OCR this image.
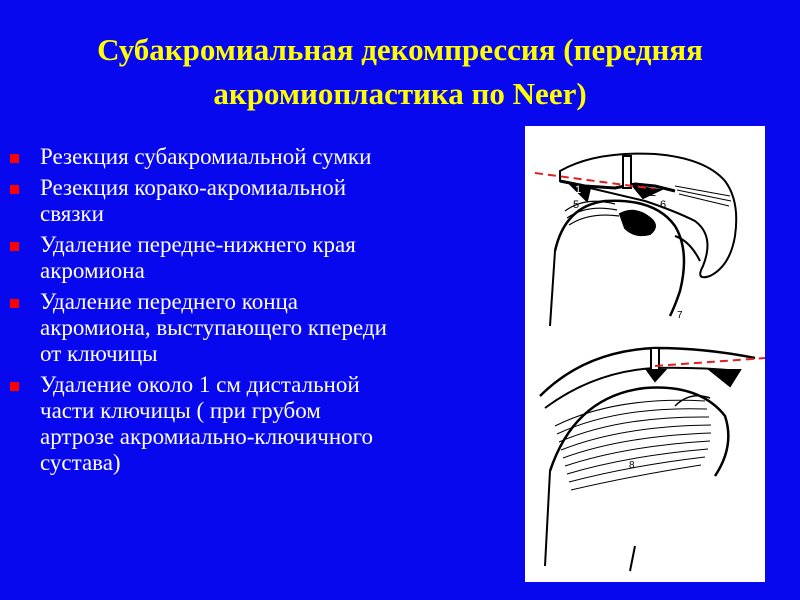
Субакромиальная декомпрессия (передняя
акромиопластика по Neer)
Резекция субакромиальной сумки
Резекция корако-акромиальной
связки
Удаление передне-нижнего края
акромиона
Удаление переднего конца
акромиона, выступающего кпереди
от ключицы
Удаление около 1 см дистальной
части ключицы ( при грубом
артрозе акромиально-ключичного
сустава)
1	2
5	6
7
8
